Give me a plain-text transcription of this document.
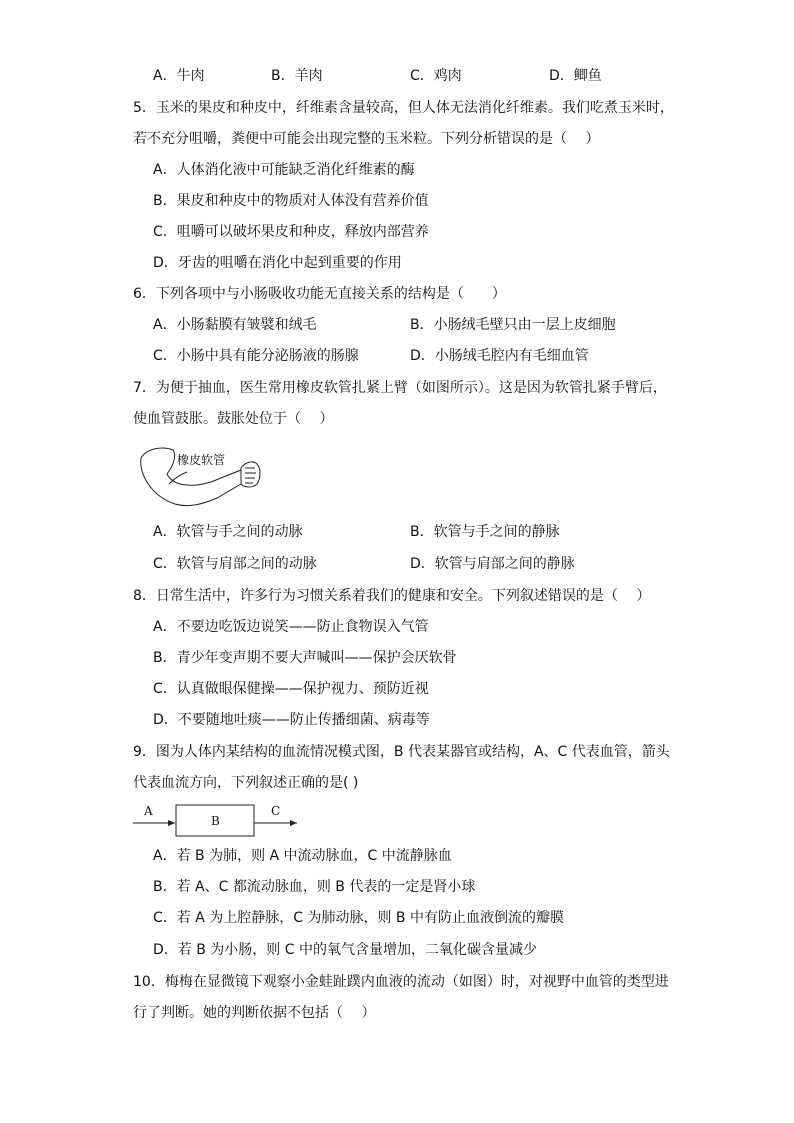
A．牛肉	B．羊肉	C．鸡肉	D．鲫鱼
5．玉米的果皮和种皮中，纤维素含量较高，但人体无法消化纤维素。我们吃煮玉米时，
若不充分咀嚼，粪便中可能会出现完整的玉米粒。下列分析错误的是（　 ）
A．人体消化液中可能缺乏消化纤维素的酶
B．果皮和种皮中的物质对人体没有营养价值
C．咀嚼可以破坏果皮和种皮，释放内部营养
D．牙齿的咀嚼在消化中起到重要的作用
6．下列各项中与小肠吸收功能无直接关系的结构是（　　）
A．小肠黏膜有皱襞和绒毛	B．小肠绒毛壁只由一层上皮细胞
C．小肠中具有能分泌肠液的肠腺	D．小肠绒毛腔内有毛细血管
7．为便于抽血，医生常用橡皮软管扎紧上臂（如图所示）。这是因为软管扎紧手臂后，
使血管鼓胀。鼓胀处位于（　 ）
橡皮软管
A．软管与手之间的动脉	B．软管与手之间的静脉
C．软管与肩部之间的动脉	D．软管与肩部之间的静脉
8．日常生活中，许多行为习惯关系着我们的健康和安全。下列叙述错误的是（　 ）
A．不要边吃饭边说笑——防止食物误入气管
B．青少年变声期不要大声喊叫——保护会厌软骨
C．认真做眼保健操——保护视力、预防近视
D．不要随地吐痰——防止传播细菌、病毒等
9．图为人体内某结构的血流情况模式图，B 代表某器官或结构，A、C 代表血管，箭头
代表血流方向，下列叙述正确的是( )
A
B
C
A．若 B 为肺，则 A 中流动脉血，C 中流静脉血
B．若 A、C 都流动脉血，则 B 代表的一定是肾小球
C．若 A 为上腔静脉，C 为肺动脉，则 B 中有防止血液倒流的瓣膜
D．若 B 为小肠，则 C 中的氧气含量增加，二氧化碳含量减少
10．梅梅在显微镜下观察小金蛙趾蹼内血液的流动（如图）时，对视野中血管的类型进
行了判断。她的判断依据不包括（　 ）
